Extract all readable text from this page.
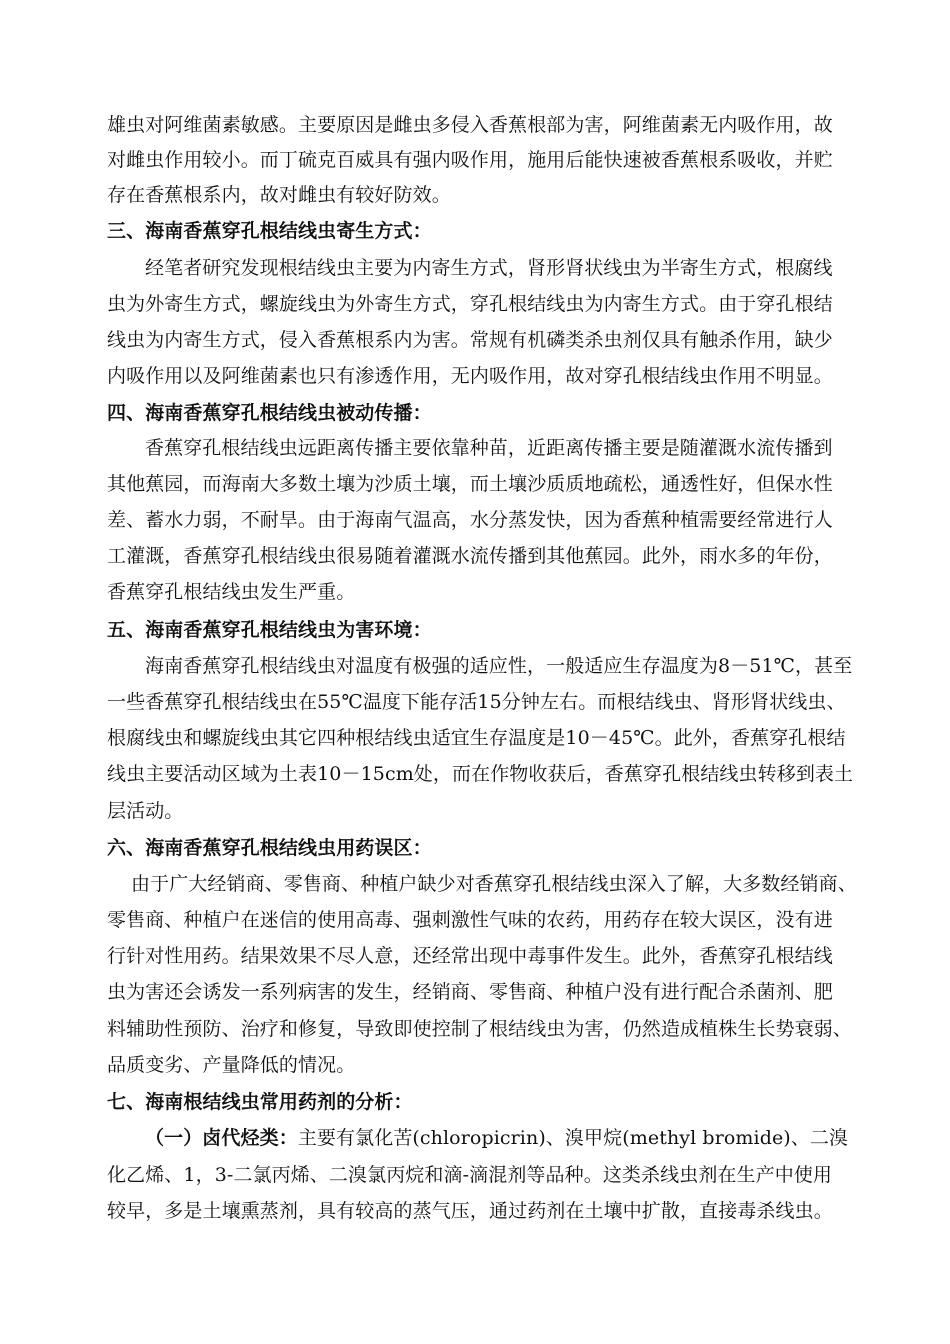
雄虫对阿维菌素敏感。主要原因是雌虫多侵入香蕉根部为害，阿维菌素无内吸作用，故
对雌虫作用较小。而丁硫克百威具有强内吸作用，施用后能快速被香蕉根系吸收，并贮
存在香蕉根系内，故对雌虫有较好防效。
三、海南香蕉穿孔根结线虫寄生方式：
经笔者研究发现根结线虫主要为内寄生方式，肾形肾状线虫为半寄生方式，根腐线
虫为外寄生方式，螺旋线虫为外寄生方式，穿孔根结线虫为内寄生方式。由于穿孔根结
线虫为内寄生方式，侵入香蕉根系内为害。常规有机磷类杀虫剂仅具有触杀作用，缺少
内吸作用以及阿维菌素也只有渗透作用，无内吸作用，故对穿孔根结线虫作用不明显。
四、海南香蕉穿孔根结线虫被动传播：
香蕉穿孔根结线虫远距离传播主要依靠种苗，近距离传播主要是随灌溉水流传播到
其他蕉园，而海南大多数土壤为沙质土壤，而土壤沙质质地疏松，通透性好，但保水性
差、蓄水力弱，不耐旱。由于海南气温高，水分蒸发快，因为香蕉种植需要经常进行人
工灌溉，香蕉穿孔根结线虫很易随着灌溉水流传播到其他蕉园。此外，雨水多的年份，
香蕉穿孔根结线虫发生严重。
五、海南香蕉穿孔根结线虫为害环境：
海南香蕉穿孔根结线虫对温度有极强的适应性，一般适应生存温度为8－51℃，甚至
一些香蕉穿孔根结线虫在55℃温度下能存活15分钟左右。而根结线虫、肾形肾状线虫、
根腐线虫和螺旋线虫其它四种根结线虫适宜生存温度是10－45℃。此外，香蕉穿孔根结
线虫主要活动区域为土表10－15cm处，而在作物收获后，香蕉穿孔根结线虫转移到表土
层活动。
六、海南香蕉穿孔根结线虫用药误区：
由于广大经销商、零售商、种植户缺少对香蕉穿孔根结线虫深入了解，大多数经销商、
零售商、种植户在迷信的使用高毒、强刺激性气味的农药，用药存在较大误区，没有进
行针对性用药。结果效果不尽人意，还经常出现中毒事件发生。此外，香蕉穿孔根结线
虫为害还会诱发一系列病害的发生，经销商、零售商、种植户没有进行配合杀菌剂、肥
料辅助性预防、治疗和修复，导致即使控制了根结线虫为害，仍然造成植株生长势衰弱、
品质变劣、产量降低的情况。
七、海南根结线虫常用药剂的分析：
（一）卤代烃类：主要有氯化苦(chloropicrin)、溴甲烷(methyl bromide)、二溴
化乙烯、1，3-二氯丙烯、二溴氯丙烷和滴-滴混剂等品种。这类杀线虫剂在生产中使用
较早，多是土壤熏蒸剂，具有较高的蒸气压，通过药剂在土壤中扩散，直接毒杀线虫。
